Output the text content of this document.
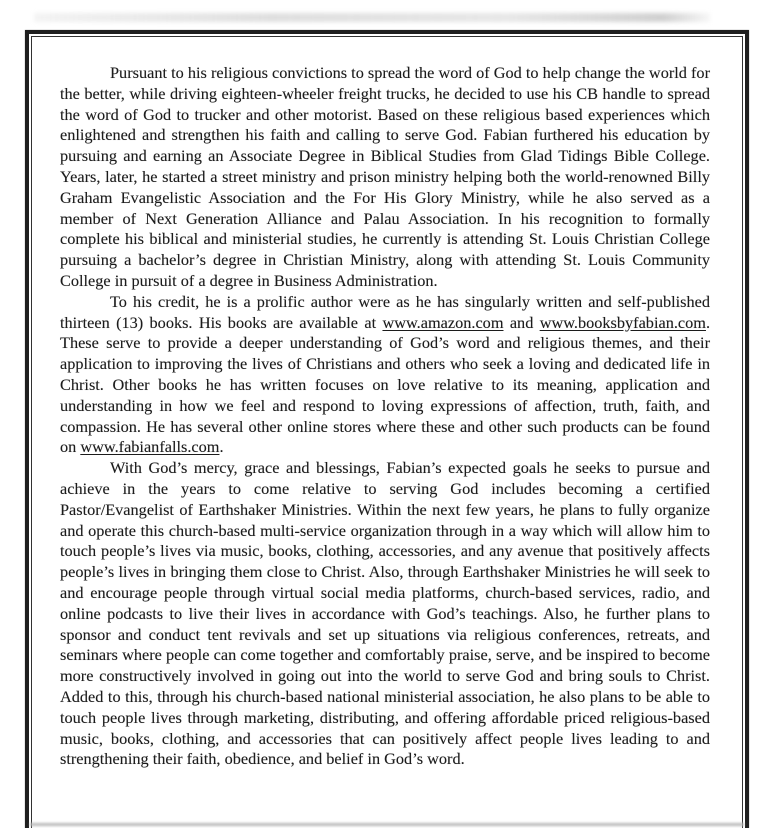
Pursuant to his religious convictions to spread the word of God to help change the world for the better, while driving eighteen-wheeler freight trucks, he decided to use his CB handle to spread the word of God to trucker and other motorist. Based on these religious based experiences which enlightened and strengthen his faith and calling to serve God. Fabian furthered his education by pursuing and earning an Associate Degree in Biblical Studies from Glad Tidings Bible College. Years, later, he started a street ministry and prison ministry helping both the world-renowned Billy Graham Evangelistic Association and the For His Glory Ministry, while he also served as a member of Next Generation Alliance and Palau Association. In his recognition to formally complete his biblical and ministerial studies, he currently is attending St. Louis Christian College pursuing a bachelor’s degree in Christian Ministry, along with attending St. Louis Community College in pursuit of a degree in Business Administration.

To his credit, he is a prolific author were as he has singularly written and self-published thirteen (13) books. His books are available at www.amazon.com and www.booksbyfabian.com. These serve to provide a deeper understanding of God’s word and religious themes, and their application to improving the lives of Christians and others who seek a loving and dedicated life in Christ. Other books he has written focuses on love relative to its meaning, application and understanding in how we feel and respond to loving expressions of affection, truth, faith, and compassion. He has several other online stores where these and other such products can be found on www.fabianfalls.com.

With God’s mercy, grace and blessings, Fabian’s expected goals he seeks to pursue and achieve in the years to come relative to serving God includes becoming a certified Pastor/Evangelist of Earthshaker Ministries. Within the next few years, he plans to fully organize and operate this church-based multi-service organization through in a way which will allow him to touch people’s lives via music, books, clothing, accessories, and any avenue that positively affects people’s lives in bringing them close to Christ. Also, through Earthshaker Ministries he will seek to and encourage people through virtual social media platforms, church-based services, radio, and online podcasts to live their lives in accordance with God’s teachings. Also, he further plans to sponsor and conduct tent revivals and set up situations via religious conferences, retreats, and seminars where people can come together and comfortably praise, serve, and be inspired to become more constructively involved in going out into the world to serve God and bring souls to Christ. Added to this, through his church-based national ministerial association, he also plans to be able to touch people lives through marketing, distributing, and offering affordable priced religious-based music, books, clothing, and accessories that can positively affect people lives leading to and strengthening their faith, obedience, and belief in God’s word.
